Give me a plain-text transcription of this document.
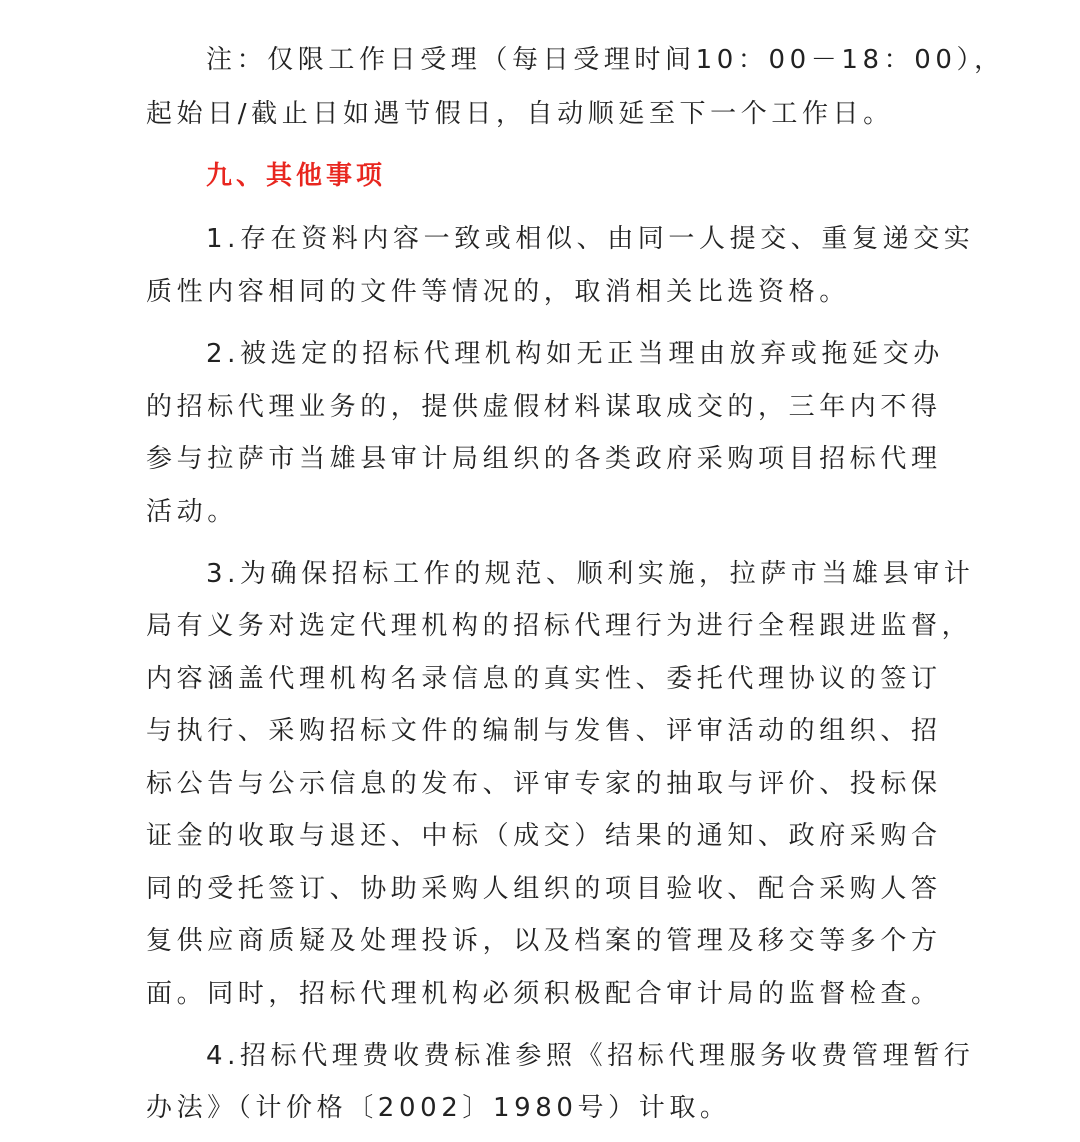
注：仅限工作日受理（每日受理时间10：00－18：00），
起始日/截止日如遇节假日，自动顺延至下一个工作日。
九、其他事项
1.存在资料内容一致或相似、由同一人提交、重复递交实
质性内容相同的文件等情况的，取消相关比选资格。
2.被选定的招标代理机构如无正当理由放弃或拖延交办
的招标代理业务的，提供虚假材料谋取成交的，三年内不得
参与拉萨市当雄县审计局组织的各类政府采购项目招标代理
活动。
3.为确保招标工作的规范、顺利实施，拉萨市当雄县审计
局有义务对选定代理机构的招标代理行为进行全程跟进监督，
内容涵盖代理机构名录信息的真实性、委托代理协议的签订
与执行、采购招标文件的编制与发售、评审活动的组织、招
标公告与公示信息的发布、评审专家的抽取与评价、投标保
证金的收取与退还、中标（成交）结果的通知、政府采购合
同的受托签订、协助采购人组织的项目验收、配合采购人答
复供应商质疑及处理投诉，以及档案的管理及移交等多个方
面。同时，招标代理机构必须积极配合审计局的监督检查。
4.招标代理费收费标准参照《招标代理服务收费管理暂行
办法》（计价格〔2002〕1980号）计取。
